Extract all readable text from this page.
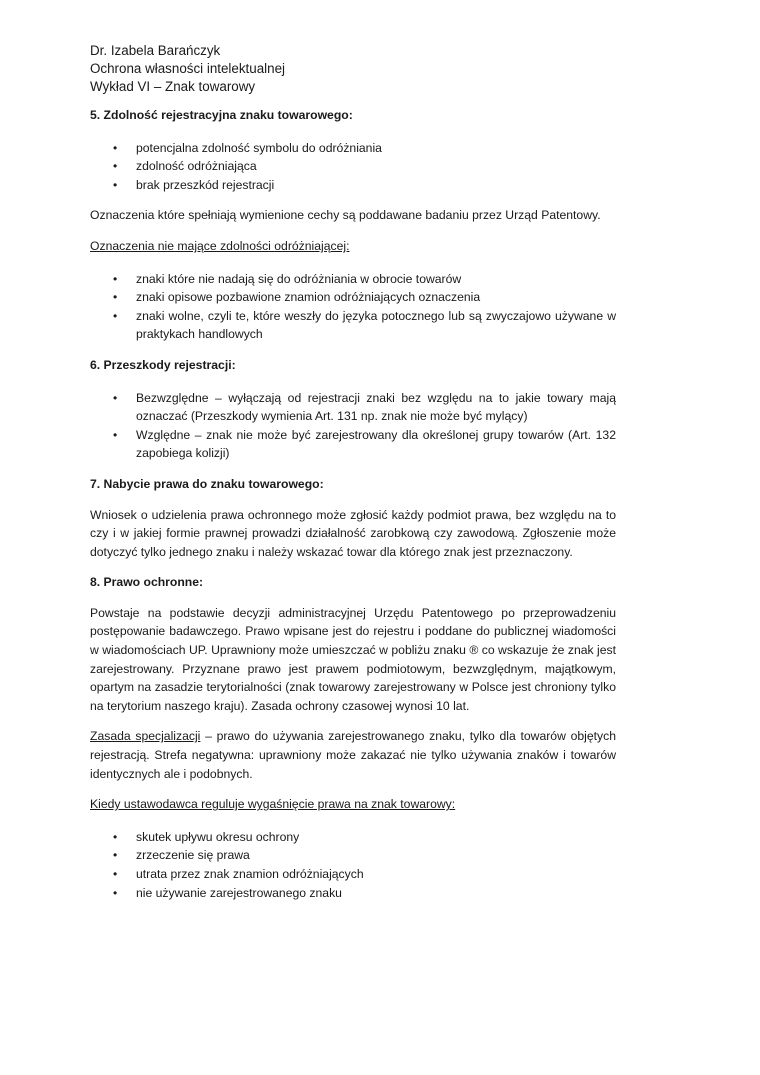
Dr. Izabela Barańczyk
Ochrona własności intelektualnej
Wykład VI – Znak towarowy
5. Zdolność rejestracyjna znaku towarowego:
• potencjalna zdolność symbolu do odróżniania
• zdolność odróżniająca
• brak przeszkód rejestracji

Oznaczenia które spełniają wymienione cechy są poddawane badaniu przez Urząd Patentowy.

Oznaczenia nie mające zdolności odróżniającej:

• znaki które nie nadają się do odróżniania w obrocie towarów
• znaki opisowe pozbawione znamion odróżniających oznaczenia
• znaki wolne, czyli te, które weszły do języka potocznego lub są zwyczajowo używane w praktykach handlowych
6. Przeszkody rejestracji:
• Bezwzględne – wyłączają od rejestracji znaki bez względu na to jakie towary mają oznaczać (Przeszkody wymienia Art. 131 np. znak nie może być mylący)
• Względne – znak nie może być zarejestrowany dla określonej grupy towarów (Art. 132 zapobiega kolizji)
7. Nabycie prawa do znaku towarowego:

Wniosek o udzielenia prawa ochronnego może zgłosić każdy podmiot prawa, bez względu na to czy i w jakiej formie prawnej prowadzi działalność zarobkową czy zawodową. Zgłoszenie może dotyczyć tylko jednego znaku i należy wskazać towar dla którego znak jest przeznaczony.

8. Prawo ochronne:

Powstaje na podstawie decyzji administracyjnej Urzędu Patentowego po przeprowadzeniu postępowanie badawczego. Prawo wpisane jest do rejestru i poddane do publicznej wiadomości w wiadomościach UP. Uprawniony może umieszczać w pobliżu znaku ® co wskazuje że znak jest zarejestrowany. Przyznane prawo jest prawem podmiotowym, bezwzględnym, majątkowym, opartym na zasadzie terytorialności (znak towarowy zarejestrowany w Polsce jest chroniony tylko na terytorium naszego kraju). Zasada ochrony czasowej wynosi 10 lat.

Zasada specjalizacji – prawo do używania zarejestrowanego znaku, tylko dla towarów objętych rejestracją. Strefa negatywna: uprawniony może zakazać nie tylko używania znaków i towarów identycznych ale i podobnych.

Kiedy ustawodawca reguluje wygaśnięcie prawa na znak towarowy:

• skutek upływu okresu ochrony
• zrzeczenie się prawa
• utrata przez znak znamion odróżniających
• nie używanie zarejestrowanego znaku
